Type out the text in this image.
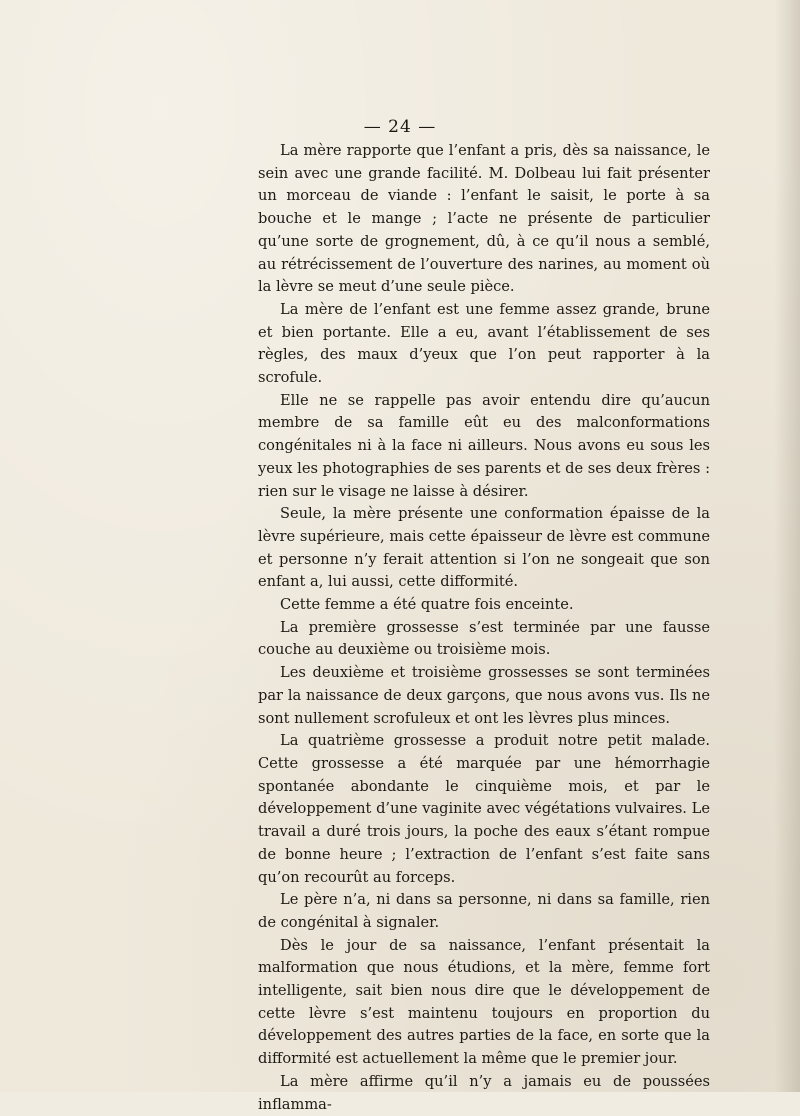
— 24 —

La mère rapporte que l’enfant a pris, dès sa naissance, le sein avec une grande facilité. M. Dolbeau lui fait présenter un morceau de viande : l’enfant le saisit, le porte à sa bouche et le mange ; l’acte ne présente de particulier qu’une sorte de grognement, dû, à ce qu’il nous a semblé, au rétrécissement de l’ouverture des narines, au moment où la lèvre se meut d’une seule pièce.

La mère de l’enfant est une femme assez grande, brune et bien portante. Elle a eu, avant l’établissement de ses règles, des maux d’yeux que l’on peut rapporter à la scrofule.

Elle ne se rappelle pas avoir entendu dire qu’aucun membre de sa famille eût eu des malconformations congénitales ni à la face ni ailleurs. Nous avons eu sous les yeux les photographies de ses parents et de ses deux frères : rien sur le visage ne laisse à désirer.

Seule, la mère présente une conformation épaisse de la lèvre supérieure, mais cette épaisseur de lèvre est commune et personne n’y ferait attention si l’on ne songeait que son enfant a, lui aussi, cette difformité.

Cette femme a été quatre fois enceinte.

La première grossesse s’est terminée par une fausse couche au deuxième ou troisième mois.

Les deuxième et troisième grossesses se sont terminées par la naissance de deux garçons, que nous avons vus. Ils ne sont nullement scrofuleux et ont les lèvres plus minces.

La quatrième grossesse a produit notre petit malade. Cette grossesse a été marquée par une hémorrhagie spontanée abondante le cinquième mois, et par le développement d’une vaginite avec végétations vulvaires. Le travail a duré trois jours, la poche des eaux s’étant rompue de bonne heure ; l’extraction de l’enfant s’est faite sans qu’on recourût au forceps.

Le père n’a, ni dans sa personne, ni dans sa famille, rien de congénital à signaler.

Dès le jour de sa naissance, l’enfant présentait la malformation que nous étudions, et la mère, femme fort intelligente, sait bien nous dire que le développement de cette lèvre s’est maintenu toujours en proportion du développement des autres parties de la face, en sorte que la difformité est actuellement la même que le premier jour.

La mère affirme qu’il n’y a jamais eu de poussées inflamma-
